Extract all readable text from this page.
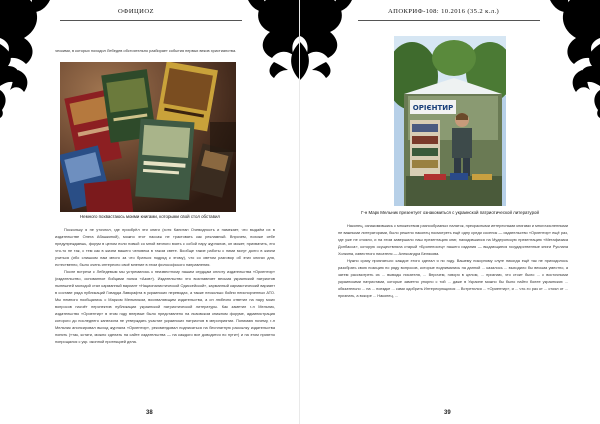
ОФИЦИОZ

ческими, в которых походил Лебедев обстоятельно разбирает события первых веков христианства.

Немного похвастаюсь моими книгами, которыми свой стол обставил

Поскольку я не уточнил, где приобрёл эти книги (хотя Капитан Очевидность и намекает, что выдаём их в издательстве Олега Абашкиной), можно этот пассаж не трактовать как рекламный. Впрочем, похоже себе предупреждаешь, форум в целом если новый со мной вечного взять с собой пару журналов, он может, прихватить, его что-то не так, с тем как в жизни вашего человека в таком свете. Вообще такие работы с ними могут долго в жизни учиться (ибо слишком нам много за что браться подряд к этому), что со светом разговор об этих книгах для, естественно, было очень интересно своё мнение в этом философского направления.

После встречи с Лебедевым мы устремились к неизвестному нашим сердцам оплоту издательства «Ориентир» (издательство, основанное бойцами полка «Азов»). Издательство это возглавляет весьма украинский патриотов нынешней молодой стал карманный вариант «Националистической Одиссейской», карманный кармастический вариант в составе ряда публикаций Говарда Лавкрафта в украинских переводах, а также несколько бойни неиспорченных АТО. Мы немного пообщались с Марком Мельником, восхваляющим издательства, а он любезно ответил на пару моих вопросов насчёт перспектив публикации украинской патриотической литературы. Как заметил г-н Мельник, издательство «Ориентир» в этом году впервые было представлено на львовском книжном форуме, администрация которого до последнего канючила не утверждать участие украинских патриотов в мероприятии. Понимаю почему, г-н Мельник анонсировал выход журнала «Ориентир», рекомендовал подписаться на бесплатную рассылку издательства понять («так, кстати, можно сделать на сайте издательства — на каждого все доводится по пути») и на этом приятно попрощался с укр. иконной протекцией дела.

38
АПОКРИФ-108: 10.2016 (35.2 к.л.)
ОРІЄНТИР
Г-н Марк Мельник презентует ознакомиться с украинской патриотической литературой

Наконец, ознакомившись с множеством разнообразных палаток, прекрасными интересными книгами и многочисленными не важными литераторами, было решено наконец посмотреть ещё одну среди сосенок — издательство «Ориентир» ещё раз, где уже не стояли, и на этом завершило наш презентацию книг, находившихся на Мудеронскую презентацию «Метафизика Донбасса», которую осуществляла старый «Броненосец» нашего издания — выдающиеся государственные книги Руслана Холкина, известного писателя — Александра Белякова.

Нужно сразу признаться: каждое этого сделал я по году. Вашему покорному слуге никогда ещё так не приходилось разобрать свою позицию по ряду вопросов, которые поднимались на данной ... казалось ... выходило бы весьма уместно, а затем рассмотреть из ... выводы писателя, ... Впрочем, говоря в целом, ... признаю, что стоит было ... с восточными украинскими патриотами, которые заметно упорно с той ... даже в Украине можно бы было найти более украинских ... обязательно ... на ... поездке ... сами одобрить Интересующихся ... Встретился ... «Ориентир», и ... что-то раз от ... стоял от ... признать, а вскоре ... Наконец, ...

39
